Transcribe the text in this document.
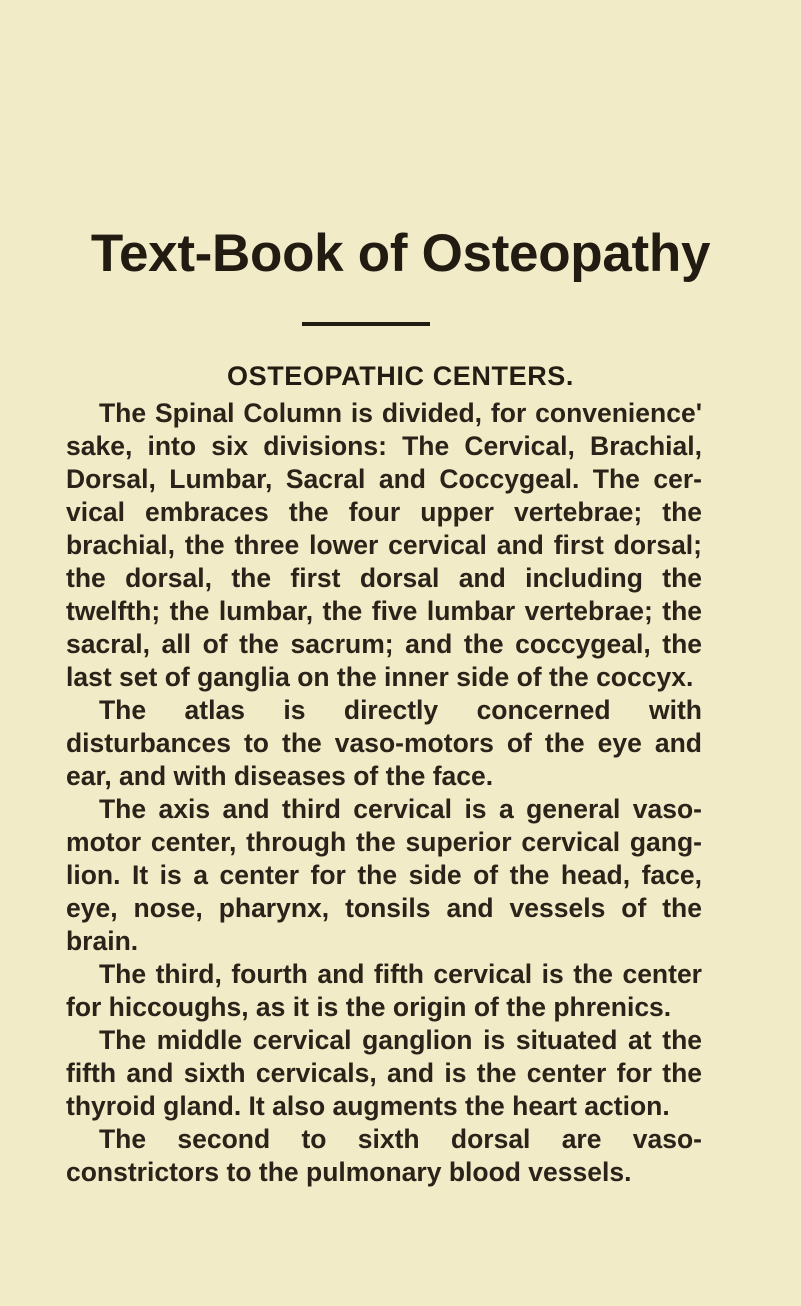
Text-Book of Osteopathy
OSTEOPATHIC CENTERS.

The Spinal Column is divided, for convenience' sake, into six divisions: The Cervical, Brachial, Dorsal, Lumbar, Sacral and Coccygeal. The cervical embraces the four upper vertebrae; the brachial, the three lower cervical and first dorsal; the dorsal, the first dorsal and including the twelfth; the lumbar, the five lumbar vertebrae; the sacral, all of the sacrum; and the coccygeal, the last set of ganglia on the inner side of the coccyx.

The atlas is directly concerned with disturbances to the vaso-motors of the eye and ear, and with diseases of the face.

The axis and third cervical is a general vaso-motor center, through the superior cervical ganglion. It is a center for the side of the head, face, eye, nose, pharynx, tonsils and vessels of the brain.

The third, fourth and fifth cervical is the center for hiccoughs, as it is the origin of the phrenics.

The middle cervical ganglion is situated at the fifth and sixth cervicals, and is the center for the thyroid gland. It also augments the heart action.

The second to sixth dorsal are vaso-constrictors to the pulmonary blood vessels.
